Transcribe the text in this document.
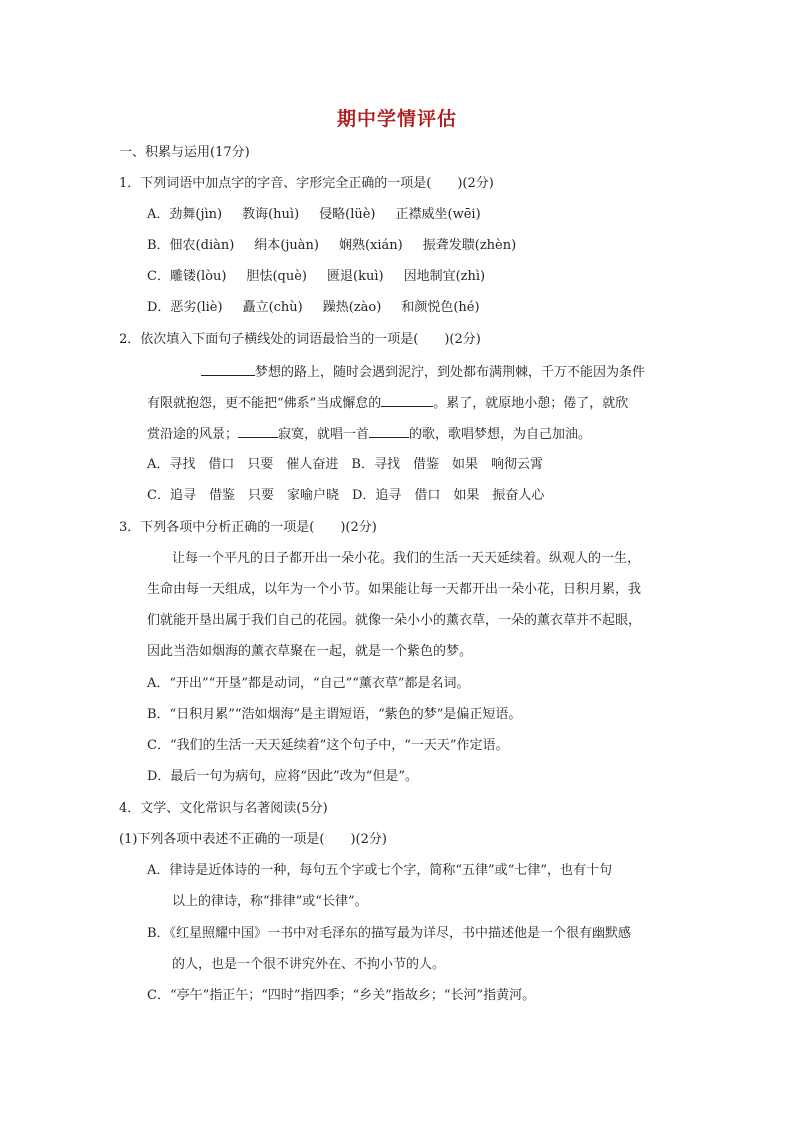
期中学情评估
一、积累与运用(17分)
1．下列词语中加点字的字音、字形完全正确的一项是(　　)(2分)
A．劲舞(jìn) 教诲(huì) 侵略(lüè) 正襟威坐(wēi)
B．佃农(diàn) 绢本(juàn) 娴熟(xián) 振聋发聩(zhèn)
C．雕镂(lòu) 胆怯(què) 匮退(kuì) 因地制宜(zhì)
D．恶劣(liè) 矗立(chù) 躁热(zào) 和颜悦色(hé)
2．依次填入下面句子横线处的词语最恰当的一项是(　　)(2分)
梦想的路上，随时会遇到泥泞，到处都布满荆棘，千万不能因为条件
有限就抱怨，更不能把“佛系”当成懈怠的	。累了，就原地小憩；倦了，就欣
赏沿途的风景；	寂寞，就唱一首	的歌，歌唱梦想，为自己加油。
A．寻找　借口　只要　催人奋进　B．寻找　借鉴　如果　响彻云霄
C．追寻　借鉴　只要　家喻户晓　D．追寻　借口　如果　振奋人心
3．下列各项中分析正确的一项是(　　)(2分)
让每一个平凡的日子都开出一朵小花。我们的生活一天天延续着。纵观人的一生，
生命由每一天组成，以年为一个小节。如果能让每一天都开出一朵小花，日积月累，我
们就能开垦出属于我们自己的花园。就像一朵小小的薰衣草，一朵的薰衣草并不起眼，
因此当浩如烟海的薰衣草聚在一起，就是一个紫色的梦。
A．“开出”“开垦”都是动词，“自己”“薰衣草”都是名词。
B．“日积月累”“浩如烟海”是主谓短语，“紫色的梦”是偏正短语。
C．“我们的生活一天天延续着”这个句子中，“一天天”作定语。
D．最后一句为病句，应将“因此”改为“但是”。
4．文学、文化常识与名著阅读(5分)
(1)下列各项中表述不正确的一项是(　　)(2分)
A．律诗是近体诗的一种，每句五个字或七个字，简称“五律”或“七律”，也有十句
以上的律诗，称“排律”或“长律”。
B．《红星照耀中国》一书中对毛泽东的描写最为详尽，书中描述他是一个很有幽默感
的人，也是一个很不讲究外在、不拘小节的人。
C．“亭午”指正午；“四时”指四季；“乡关”指故乡；“长河”指黄河。
